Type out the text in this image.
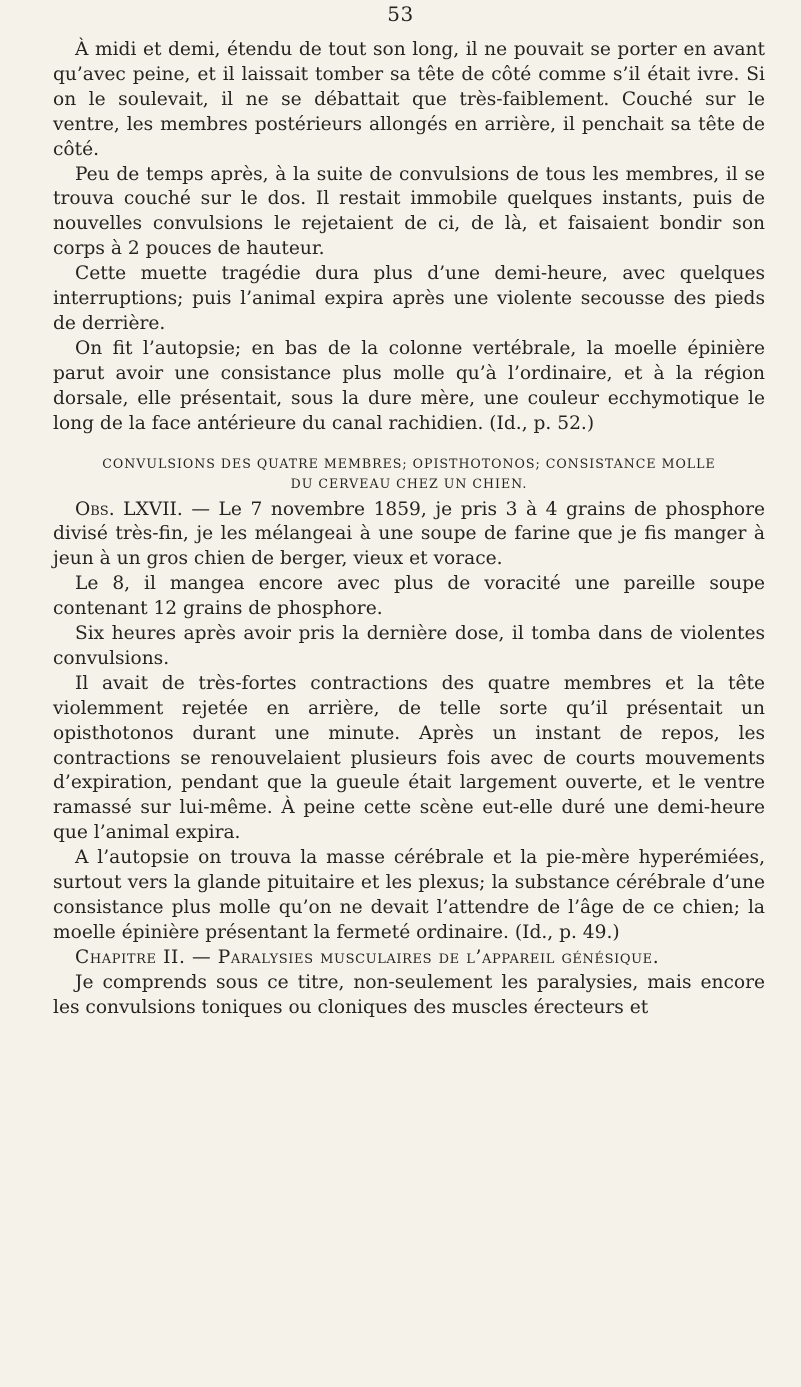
53

À midi et demi, étendu de tout son long, il ne pouvait se porter en avant qu’avec peine, et il laissait tomber sa tête de côté comme s’il était ivre. Si on le soulevait, il ne se débattait que très-faiblement. Couché sur le ventre, les membres postérieurs allongés en arrière, il penchait sa tête de côté.

Peu de temps après, à la suite de convulsions de tous les membres, il se trouva couché sur le dos. Il restait immobile quelques instants, puis de nouvelles convulsions le rejetaient de ci, de là, et faisaient bondir son corps à 2 pouces de hauteur.

Cette muette tragédie dura plus d’une demi-heure, avec quelques interruptions; puis l’animal expira après une violente secousse des pieds de derrière.

On fit l’autopsie; en bas de la colonne vertébrale, la moelle épinière parut avoir une consistance plus molle qu’à l’ordinaire, et à la région dorsale, elle présentait, sous la dure mère, une couleur ecchymotique le long de la face antérieure du canal rachidien. (Id., p. 52.)

CONVULSIONS DES QUATRE MEMBRES; OPISTHOTONOS; CONSISTANCE MOLLE
DU CERVEAU CHEZ UN CHIEN.

Obs. LXVII. — Le 7 novembre 1859, je pris 3 à 4 grains de phosphore divisé très-fin, je les mélangeai à une soupe de farine que je fis manger à jeun à un gros chien de berger, vieux et vorace.

Le 8, il mangea encore avec plus de voracité une pareille soupe contenant 12 grains de phosphore.

Six heures après avoir pris la dernière dose, il tomba dans de violentes convulsions.

Il avait de très-fortes contractions des quatre membres et la tête violemment rejetée en arrière, de telle sorte qu’il présentait un opisthotonos durant une minute. Après un instant de repos, les contractions se renouvelaient plusieurs fois avec de courts mouvements d’expiration, pendant que la gueule était largement ouverte, et le ventre ramassé sur lui-même. À peine cette scène eut-elle duré une demi-heure que l’animal expira.

A l’autopsie on trouva la masse cérébrale et la pie-mère hyperémiées, surtout vers la glande pituitaire et les plexus; la substance cérébrale d’une consistance plus molle qu’on ne devait l’attendre de l’âge de ce chien; la moelle épinière présentant la fermeté ordinaire. (Id., p. 49.)

Chapitre II. — Paralysies musculaires de l’appareil génésique.

Je comprends sous ce titre, non-seulement les paralysies, mais encore les convulsions toniques ou cloniques des muscles érecteurs et
